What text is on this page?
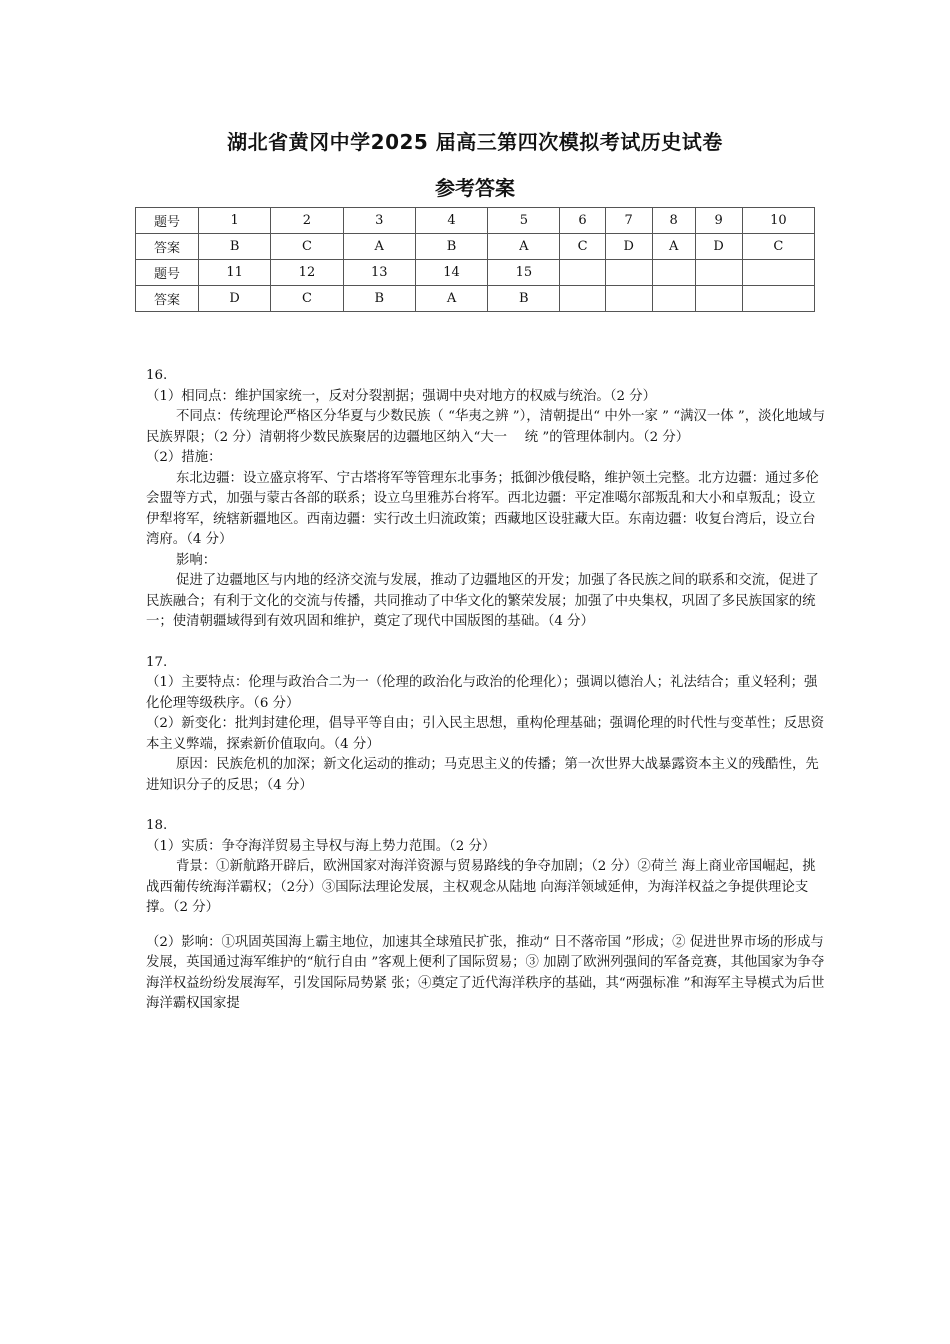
湖北省黄冈中学2025 届高三第四次模拟考试历史试卷
参考答案
题号	1	2	3	4	5	6	7	8	9	10
答案	B	C	A	B	A	C	D	A	D	C
题号	11	12	13	14	15					
答案	D	C	B	A	B					

16.

（1）相同点：维护国家统一，反对分裂割据；强调中央对地方的权威与统治。（2 分）

不同点：传统理论严格区分华夏与少数民族（ “华夷之辨 ”），清朝提出“ 中外一家 ” “满汉一体 ”，淡化地域与民族界限；（2 分）清朝将少数民族聚居的边疆地区纳入“大一　 统 ”的管理体制内。（2 分）

（2）措施：

东北边疆：设立盛京将军、宁古塔将军等管理东北事务；抵御沙俄侵略，维护领土完整。北方边疆：通过多伦会盟等方式，加强与蒙古各部的联系；设立乌里雅苏台将军。西北边疆：平定准噶尔部叛乱和大小和卓叛乱；设立伊犁将军，统辖新疆地区。西南边疆：实行改土归流政策；西藏地区设驻藏大臣。东南边疆：收复台湾后，设立台湾府。（4 分）

影响：

促进了边疆地区与内地的经济交流与发展，推动了边疆地区的开发；加强了各民族之间的联系和交流，促进了民族融合；有利于文化的交流与传播，共同推动了中华文化的繁荣发展；加强了中央集权，巩固了多民族国家的统一；使清朝疆域得到有效巩固和维护，奠定了现代中国版图的基础。（4 分）

17.

（1）主要特点：伦理与政治合二为一（伦理的政治化与政治的伦理化）；强调以德治人；礼法结合；重义轻利；强化伦理等级秩序。（6 分）

（2）新变化：批判封建伦理，倡导平等自由；引入民主思想，重构伦理基础；强调伦理的时代性与变革性；反思资本主义弊端，探索新价值取向。（4 分）

原因：民族危机的加深；新文化运动的推动；马克思主义的传播；第一次世界大战暴露资本主义的残酷性，先进知识分子的反思；（4 分）

18.

（1）实质：争夺海洋贸易主导权与海上势力范围。（2 分）

背景：①新航路开辟后，欧洲国家对海洋资源与贸易路线的争夺加剧；（2 分）②荷兰 海上商业帝国崛起，挑战西葡传统海洋霸权；（2分）③国际法理论发展，主权观念从陆地 向海洋领域延伸，为海洋权益之争提供理论支撑。（2 分）

（2）影响：①巩固英国海上霸主地位，加速其全球殖民扩张，推动“ 日不落帝国 ”形成；② 促进世界市场的形成与发展，英国通过海军维护的“航行自由 ”客观上便利了国际贸易；③ 加剧了欧洲列强间的军备竞赛，其他国家为争夺海洋权益纷纷发展海军，引发国际局势紧 张；④奠定了近代海洋秩序的基础，其“两强标准 ”和海军主导模式为后世海洋霸权国家提
